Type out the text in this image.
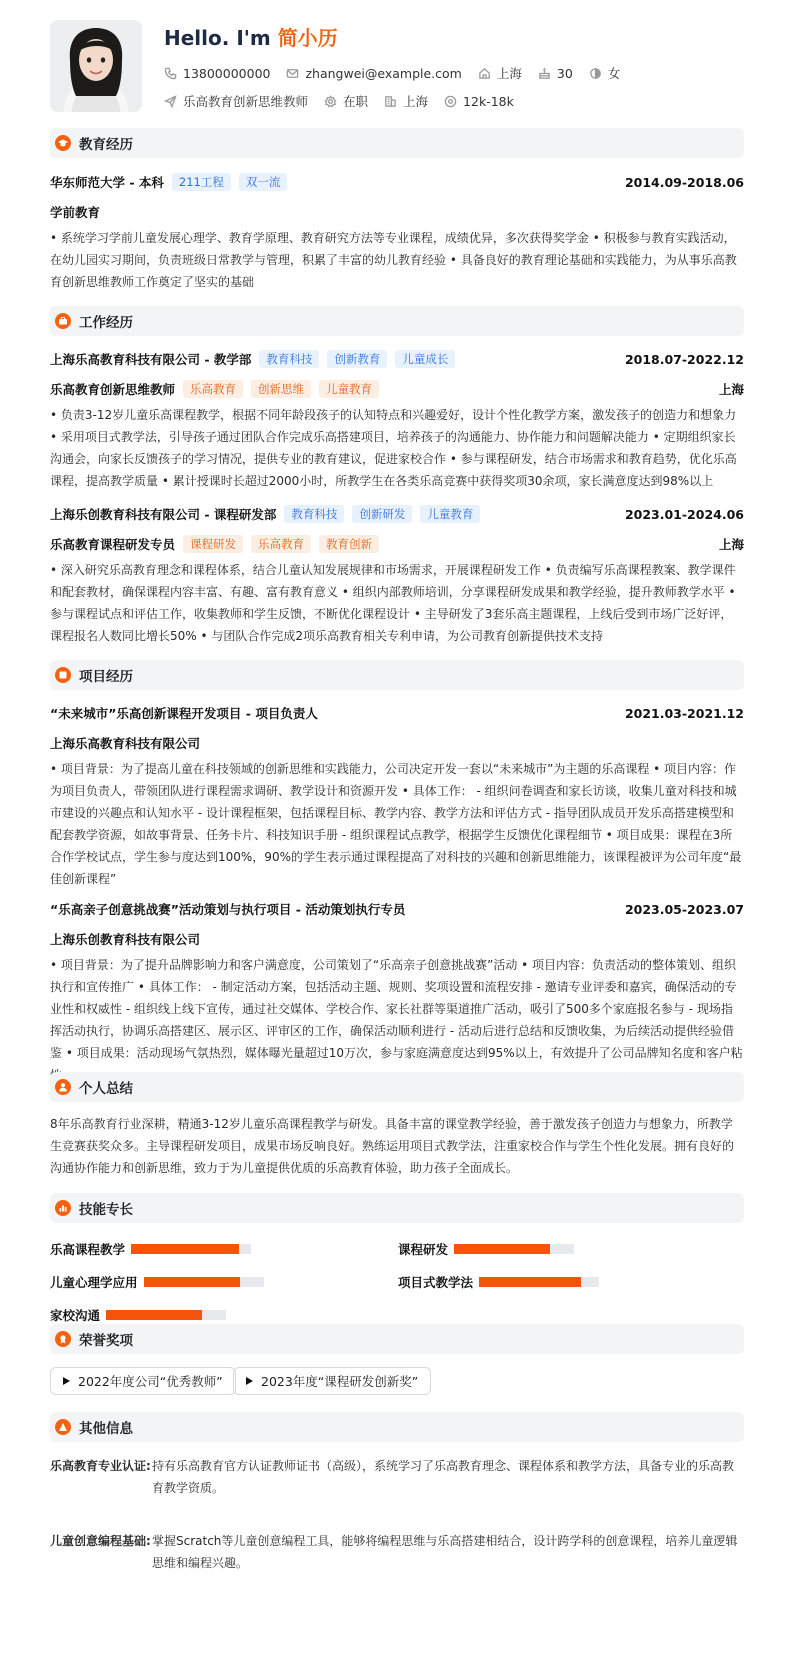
Hello. I'm 简小历
13800000000	zhangwei@example.com	上海	30	女
乐高教育创新思维教师	在职	上海	12k-18k
教育经历
华东师范大学 - 本科	211工程	双一流	2014.09-2018.06
学前教育
• 系统学习学前儿童发展心理学、教育学原理、教育研究方法等专业课程，成绩优异，多次获得奖学金 • 积极参与教育实践活动，在幼儿园实习期间，负责班级日常教学与管理，积累了丰富的幼儿教育经验 • 具备良好的教育理论基础和实践能力，为从事乐高教育创新思维教师工作奠定了坚实的基础
工作经历
上海乐高教育科技有限公司 - 教学部	教育科技	创新教育	儿童成长	2018.07-2022.12
乐高教育创新思维教师	乐高教育	创新思维	儿童教育	上海
• 负责3-12岁儿童乐高课程教学，根据不同年龄段孩子的认知特点和兴趣爱好，设计个性化教学方案，激发孩子的创造力和想象力 • 采用项目式教学法，引导孩子通过团队合作完成乐高搭建项目，培养孩子的沟通能力、协作能力和问题解决能力 • 定期组织家长沟通会，向家长反馈孩子的学习情况，提供专业的教育建议，促进家校合作 • 参与课程研发，结合市场需求和教育趋势，优化乐高课程，提高教学质量 • 累计授课时长超过2000小时，所教学生在各类乐高竞赛中获得奖项30余项，家长满意度达到98%以上
上海乐创教育科技有限公司 - 课程研发部	教育科技	创新研发	儿童教育	2023.01-2024.06
乐高教育课程研发专员	课程研发	乐高教育	教育创新	上海
• 深入研究乐高教育理念和课程体系，结合儿童认知发展规律和市场需求，开展课程研发工作 • 负责编写乐高课程教案、教学课件和配套教材，确保课程内容丰富、有趣、富有教育意义 • 组织内部教师培训，分享课程研发成果和教学经验，提升教师教学水平 • 参与课程试点和评估工作，收集教师和学生反馈，不断优化课程设计 • 主导研发了3套乐高主题课程，上线后受到市场广泛好评，课程报名人数同比增长50% • 与团队合作完成2项乐高教育相关专利申请，为公司教育创新提供技术支持
项目经历
“未来城市”乐高创新课程开发项目 - 项目负责人	2021.03-2021.12
上海乐高教育科技有限公司
• 项目背景：为了提高儿童在科技领域的创新思维和实践能力，公司决定开发一套以“未来城市”为主题的乐高课程 • 项目内容：作为项目负责人，带领团队进行课程需求调研、教学设计和资源开发 • 具体工作： - 组织问卷调查和家长访谈，收集儿童对科技和城市建设的兴趣点和认知水平 - 设计课程框架，包括课程目标、教学内容、教学方法和评估方式 - 指导团队成员开发乐高搭建模型和配套教学资源，如故事背景、任务卡片、科技知识手册 - 组织课程试点教学，根据学生反馈优化课程细节 • 项目成果：课程在3所合作学校试点，学生参与度达到100%，90%的学生表示通过课程提高了对科技的兴趣和创新思维能力，该课程被评为公司年度“最佳创新课程”
“乐高亲子创意挑战赛”活动策划与执行项目 - 活动策划执行专员	2023.05-2023.07
上海乐创教育科技有限公司
• 项目背景：为了提升品牌影响力和客户满意度，公司策划了“乐高亲子创意挑战赛”活动 • 项目内容：负责活动的整体策划、组织执行和宣传推广 • 具体工作： - 制定活动方案，包括活动主题、规则、奖项设置和流程安排 - 邀请专业评委和嘉宾，确保活动的专业性和权威性 - 组织线上线下宣传，通过社交媒体、学校合作、家长社群等渠道推广活动，吸引了500多个家庭报名参与 - 现场指挥活动执行，协调乐高搭建区、展示区、评审区的工作，确保活动顺利进行 - 活动后进行总结和反馈收集，为后续活动提供经验借鉴 • 项目成果：活动现场气氛热烈，媒体曝光量超过10万次，参与家庭满意度达到95%以上，有效提升了公司品牌知名度和客户粘
个人总结
8年乐高教育行业深耕，精通3-12岁儿童乐高课程教学与研发。具备丰富的课堂教学经验，善于激发孩子创造力与想象力，所教学生竞赛获奖众多。主导课程研发项目，成果市场反响良好。熟练运用项目式教学法，注重家校合作与学生个性化发展。拥有良好的沟通协作能力和创新思维，致力于为儿童提供优质的乐高教育体验，助力孩子全面成长。
技能专长
乐高课程教学	课程研发
儿童心理学应用	项目式教学法
家校沟通
荣誉奖项
2022年度公司“优秀教师”	2023年度“课程研发创新奖”
其他信息
乐高教育专业认证: 持有乐高教育官方认证教师证书（高级），系统学习了乐高教育理念、课程体系和教学方法，具备专业的乐高教育教学资质。
儿童创意编程基础: 掌握Scratch等儿童创意编程工具，能够将编程思维与乐高搭建相结合，设计跨学科的创意课程，培养儿童逻辑思维和编程兴趣。
